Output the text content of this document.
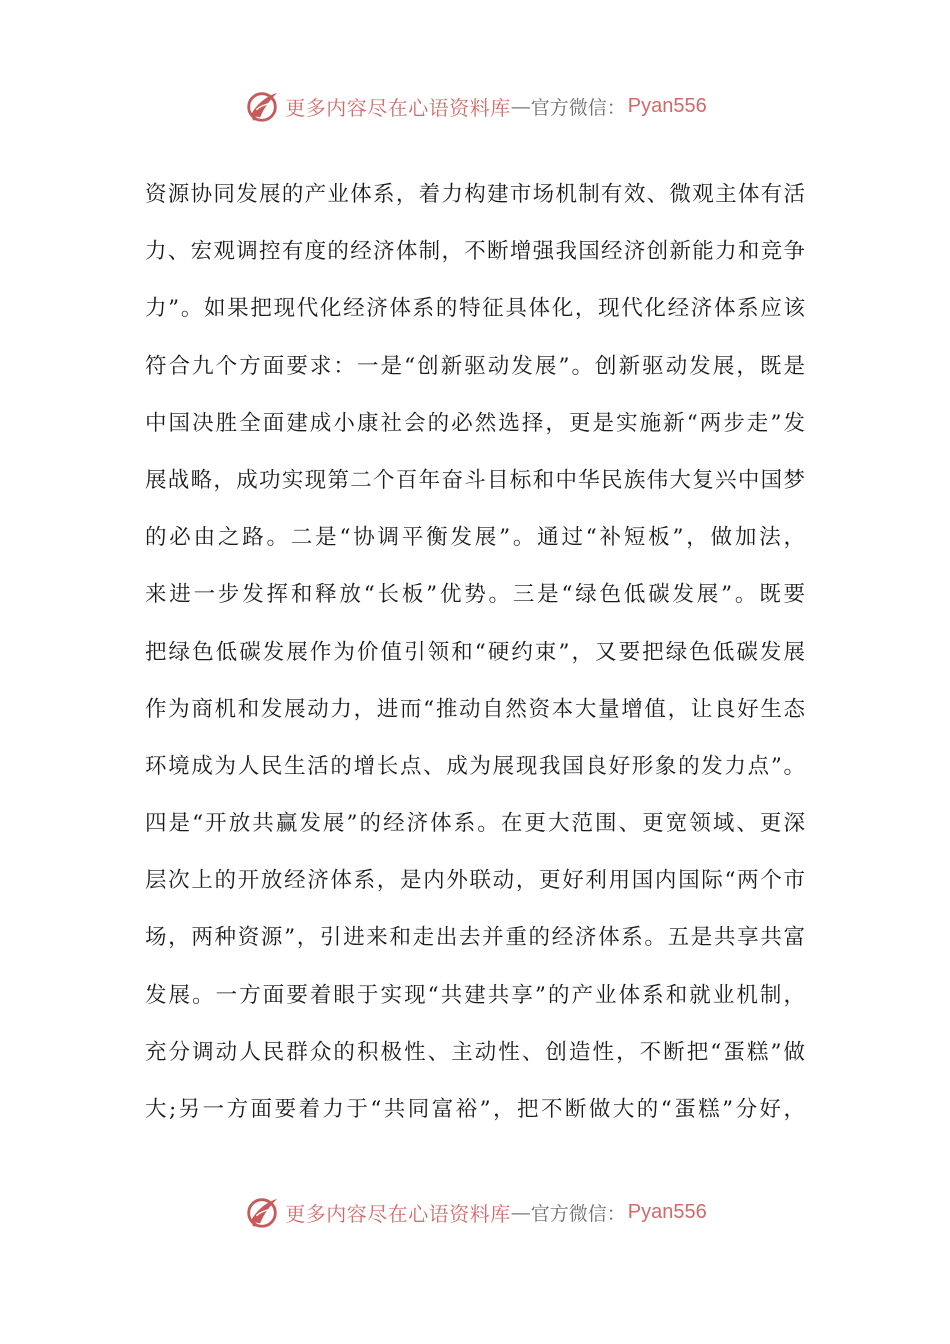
更多内容尽在心语资料库 — 官方微信： Pyan556
资源协同发展的产业体系，着力构建市场机制有效、微观主体有活
力、宏观调控有度的经济体制，不断增强我国经济创新能力和竞争
力”。如果把现代化经济体系的特征具体化，现代化经济体系应该
符合九个方面要求：一是“创新驱动发展”。创新驱动发展，既是
中国决胜全面建成小康社会的必然选择，更是实施新“两步走”发
展战略，成功实现第二个百年奋斗目标和中华民族伟大复兴中国梦
的必由之路。二是“协调平衡发展”。通过“补短板”，做加法，
来进一步发挥和释放“长板”优势。三是“绿色低碳发展”。既要
把绿色低碳发展作为价值引领和“硬约束”，又要把绿色低碳发展
作为商机和发展动力，进而“推动自然资本大量增值，让良好生态
环境成为人民生活的增长点、成为展现我国良好形象的发力点”。
四是“开放共赢发展”的经济体系。在更大范围、更宽领域、更深
层次上的开放经济体系，是内外联动，更好利用国内国际“两个市
场，两种资源”，引进来和走出去并重的经济体系。五是共享共富
发展。一方面要着眼于实现“共建共享”的产业体系和就业机制，
充分调动人民群众的积极性、主动性、创造性，不断把“蛋糕”做
大;另一方面要着力于“共同富裕”，把不断做大的“蛋糕”分好，
更多内容尽在心语资料库 — 官方微信： Pyan556
